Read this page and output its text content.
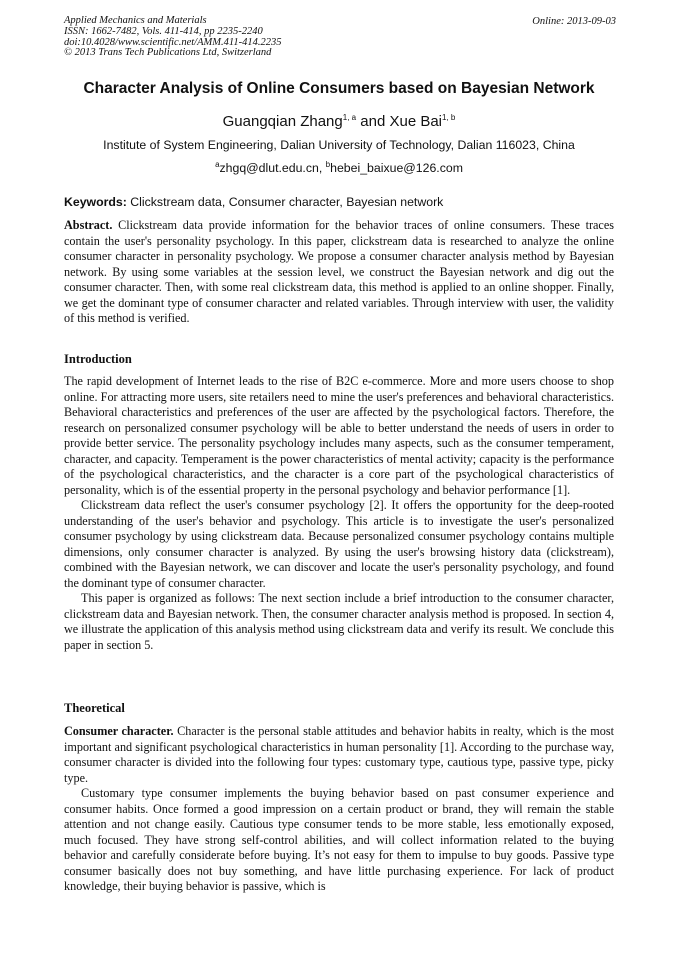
Applied Mechanics and Materials
ISSN: 1662-7482, Vols. 411-414, pp 2235-2240
doi:10.4028/www.scientific.net/AMM.411-414.2235
© 2013 Trans Tech Publications Ltd, Switzerland
Online: 2013-09-03
Character Analysis of Online Consumers based on Bayesian Network
Guangqian Zhang$^{1, a}$ and Xue Bai$^{1, b}$
Institute of System Engineering, Dalian University of Technology, Dalian 116023, China
$^a$zhgq@dlut.edu.cn, $^b$hebei_baixue@126.com
Keywords: Clickstream data, Consumer character, Bayesian network

Abstract. Clickstream data provide information for the behavior traces of online consumers. These traces contain the user's personality psychology. In this paper, clickstream data is researched to analyze the online consumer character in personality psychology. We propose a consumer character analysis method by Bayesian network. By using some variables at the session level, we construct the Bayesian network and dig out the consumer character. Then, with some real clickstream data, this method is applied to an online shopper. Finally, we get the dominant type of consumer character and related variables. Through interview with user, the validity of this method is verified.

Introduction

The rapid development of Internet leads to the rise of B2C e-commerce. More and more users choose to shop online. For attracting more users, site retailers need to mine the user's preferences and behavioral characteristics. Behavioral characteristics and preferences of the user are affected by the psychological factors. Therefore, the research on personalized consumer psychology will be able to better understand the needs of users in order to provide better service. The personality psychology includes many aspects, such as the consumer temperament, character, and capacity. Temperament is the power characteristics of mental activity; capacity is the performance of the psychological characteristics, and the character is a core part of the psychological characteristics of personality, which is of the essential property in the personal psychology and behavior performance [1].

Clickstream data reflect the user's consumer psychology [2]. It offers the opportunity for the deep-rooted understanding of the user's behavior and psychology. This article is to investigate the user's personalized consumer psychology by using clickstream data. Because personalized consumer psychology contains multiple dimensions, only consumer character is analyzed. By using the user's browsing history data (clickstream), combined with the Bayesian network, we can discover and locate the user's personality psychology, and found the dominant type of consumer character.

This paper is organized as follows: The next section include a brief introduction to the consumer character, clickstream data and Bayesian network. Then, the consumer character analysis method is proposed. In section 4, we illustrate the application of this analysis method using clickstream data and verify its result. We conclude this paper in section 5.

Theoretical

Consumer character. Character is the personal stable attitudes and behavior habits in realty, which is the most important and significant psychological characteristics in human personality [1]. According to the purchase way, consumer character is divided into the following four types: customary type, cautious type, passive type, picky type.

Customary type consumer implements the buying behavior based on past consumer experience and consumer habits. Once formed a good impression on a certain product or brand, they will remain the stable attention and not change easily. Cautious type consumer tends to be more stable, less emotionally exposed, much focused. They have strong self-control abilities, and will collect information related to the buying behavior and carefully considerate before buying. It’s not easy for them to impulse to buy goods. Passive type consumer basically does not buy something, and have little purchasing experience. For lack of product knowledge, their buying behavior is passive, which is
